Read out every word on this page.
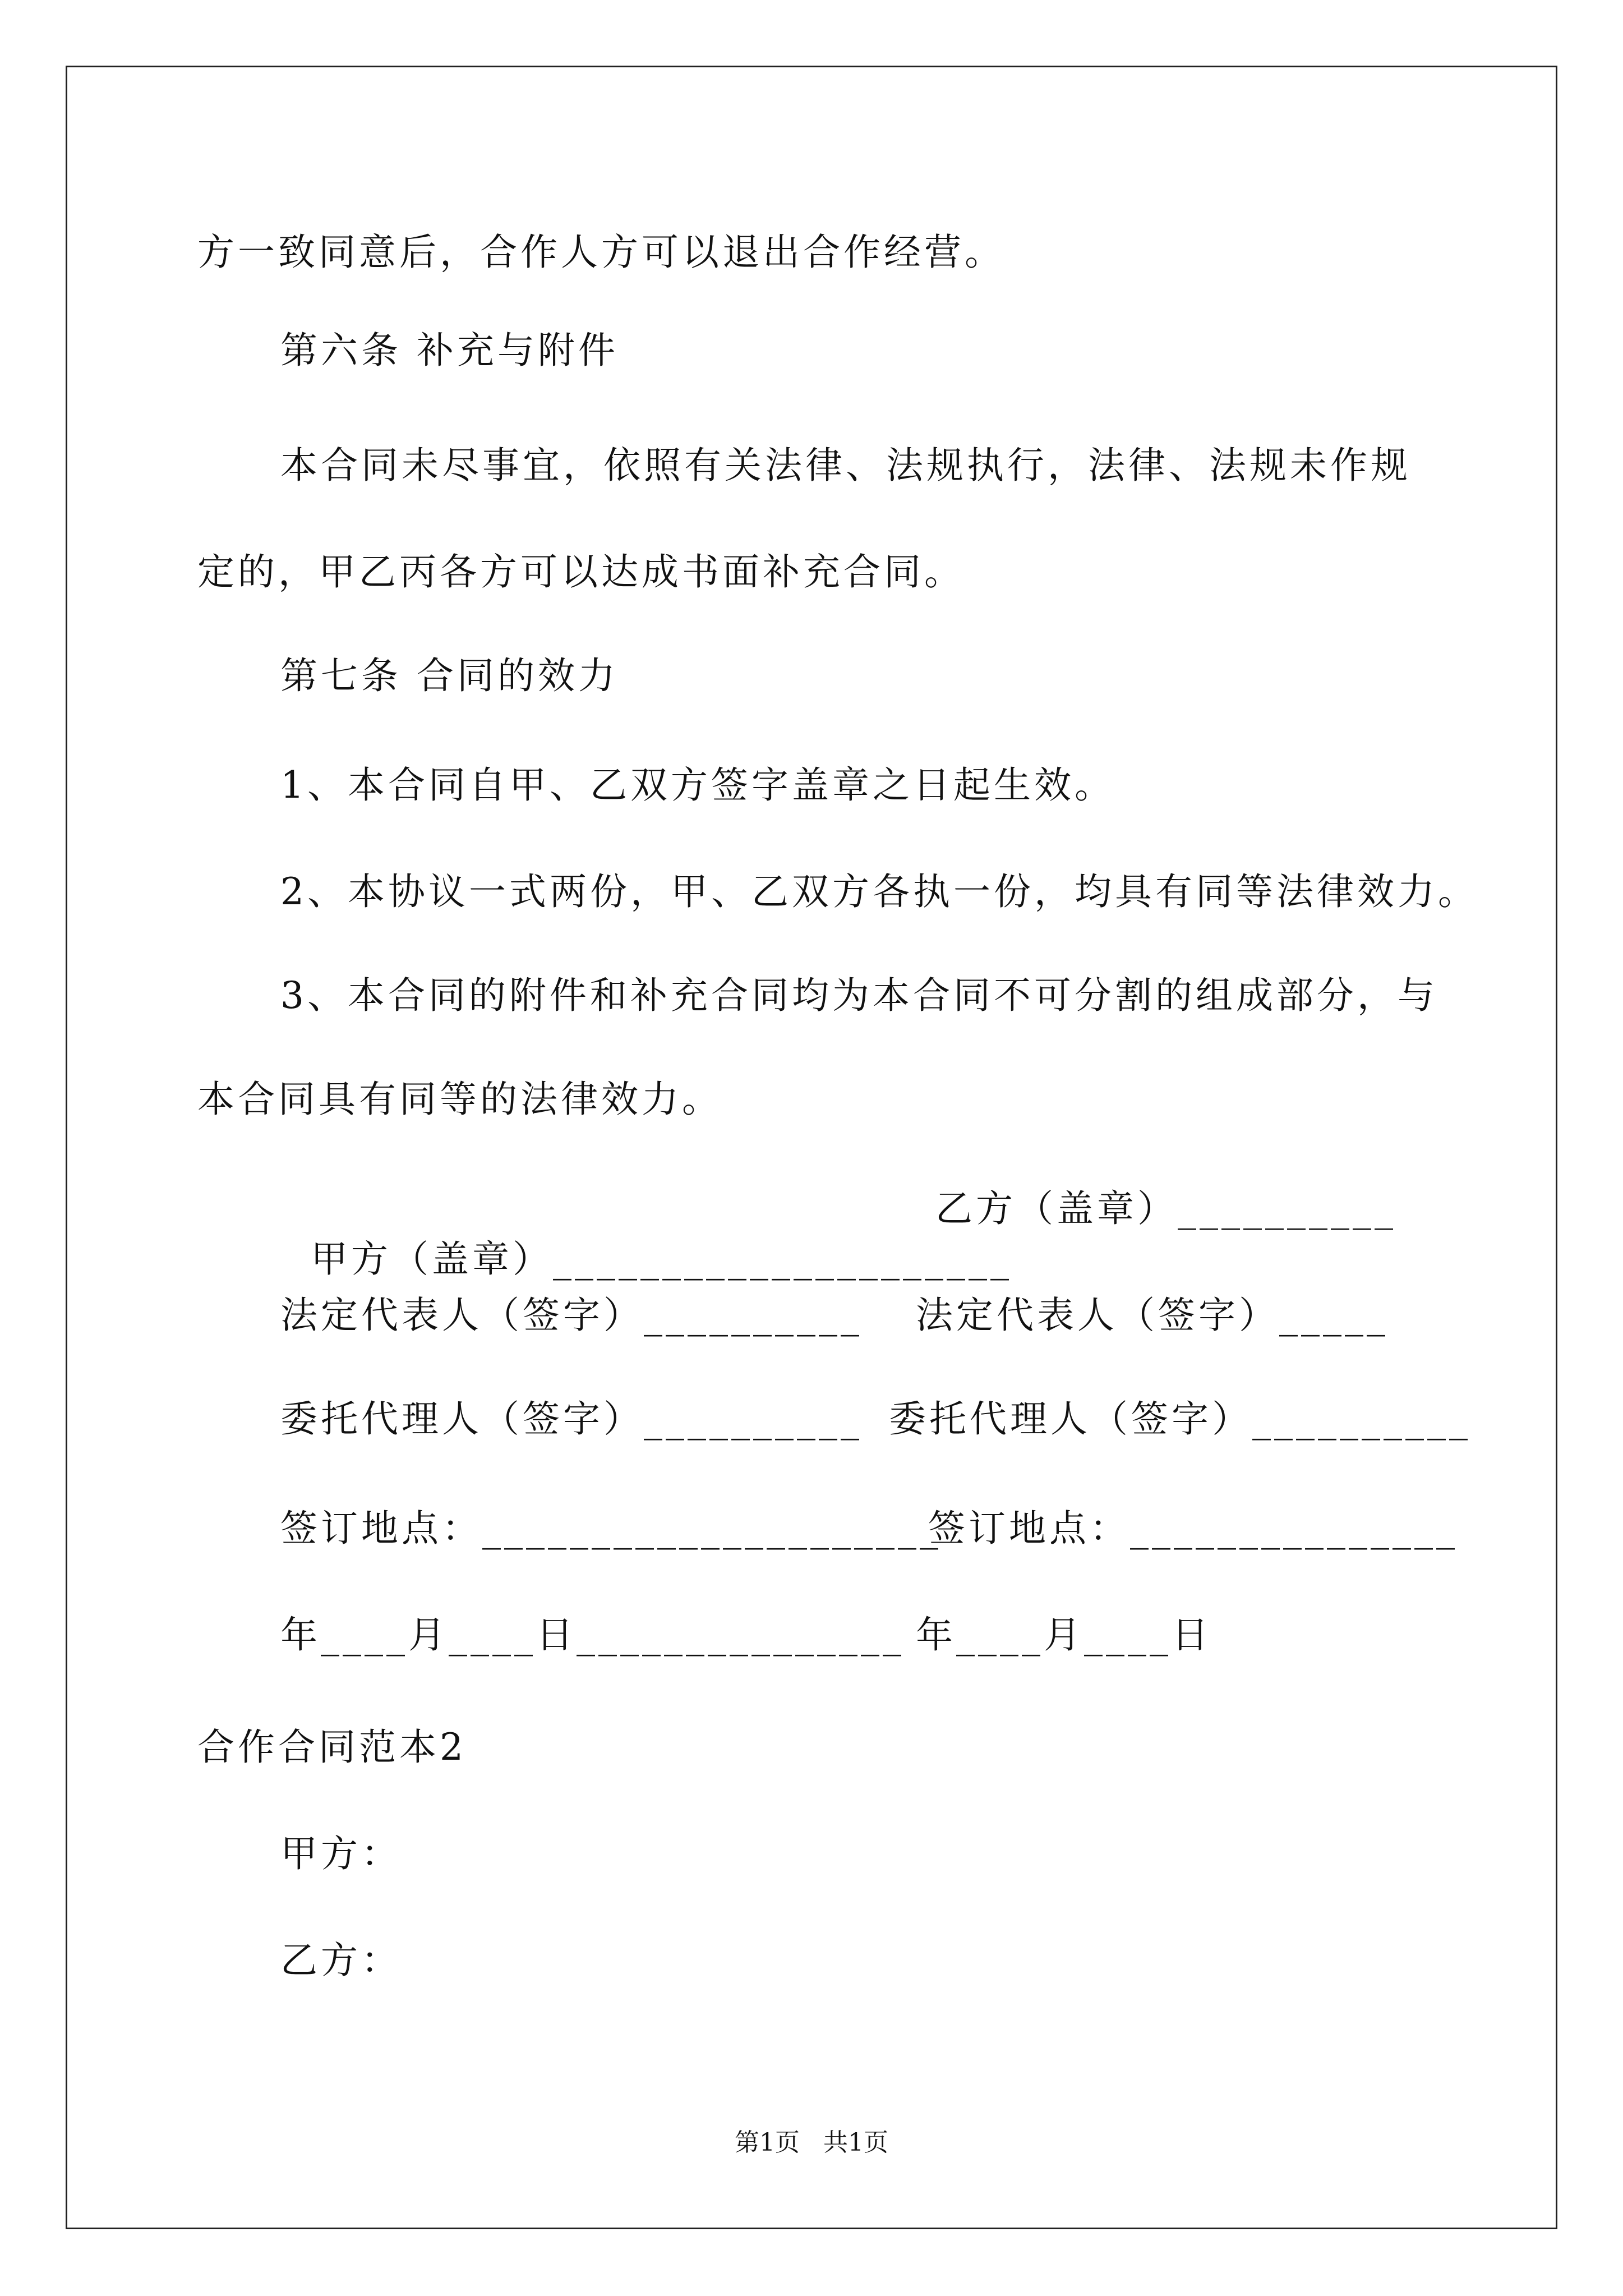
方一致同意后，合作人方可以退出合作经营。
第六条 补充与附件
本合同未尽事宜，依照有关法律、法规执行，法律、法规未作规
定的，甲乙丙各方可以达成书面补充合同。
第七条 合同的效力
1、本合同自甲、乙双方签字盖章之日起生效。
2、本协议一式两份，甲、乙双方各执一份，均具有同等法律效力。
3、本合同的附件和补充合同均为本合同不可分割的组成部分，与
本合同具有同等的法律效力。

甲方（盖章）_____________________

乙方（盖章）__________
法定代表人（签字）__________ 法定代表人（签字）_____
委托代理人（签字）__________ 委托代理人（签字）__________
签订地点：_____________________
签订地点：_______________
年____月____日_______________ 年____月____日
合作合同范本2
甲方：
乙方：
第1页   共1页
